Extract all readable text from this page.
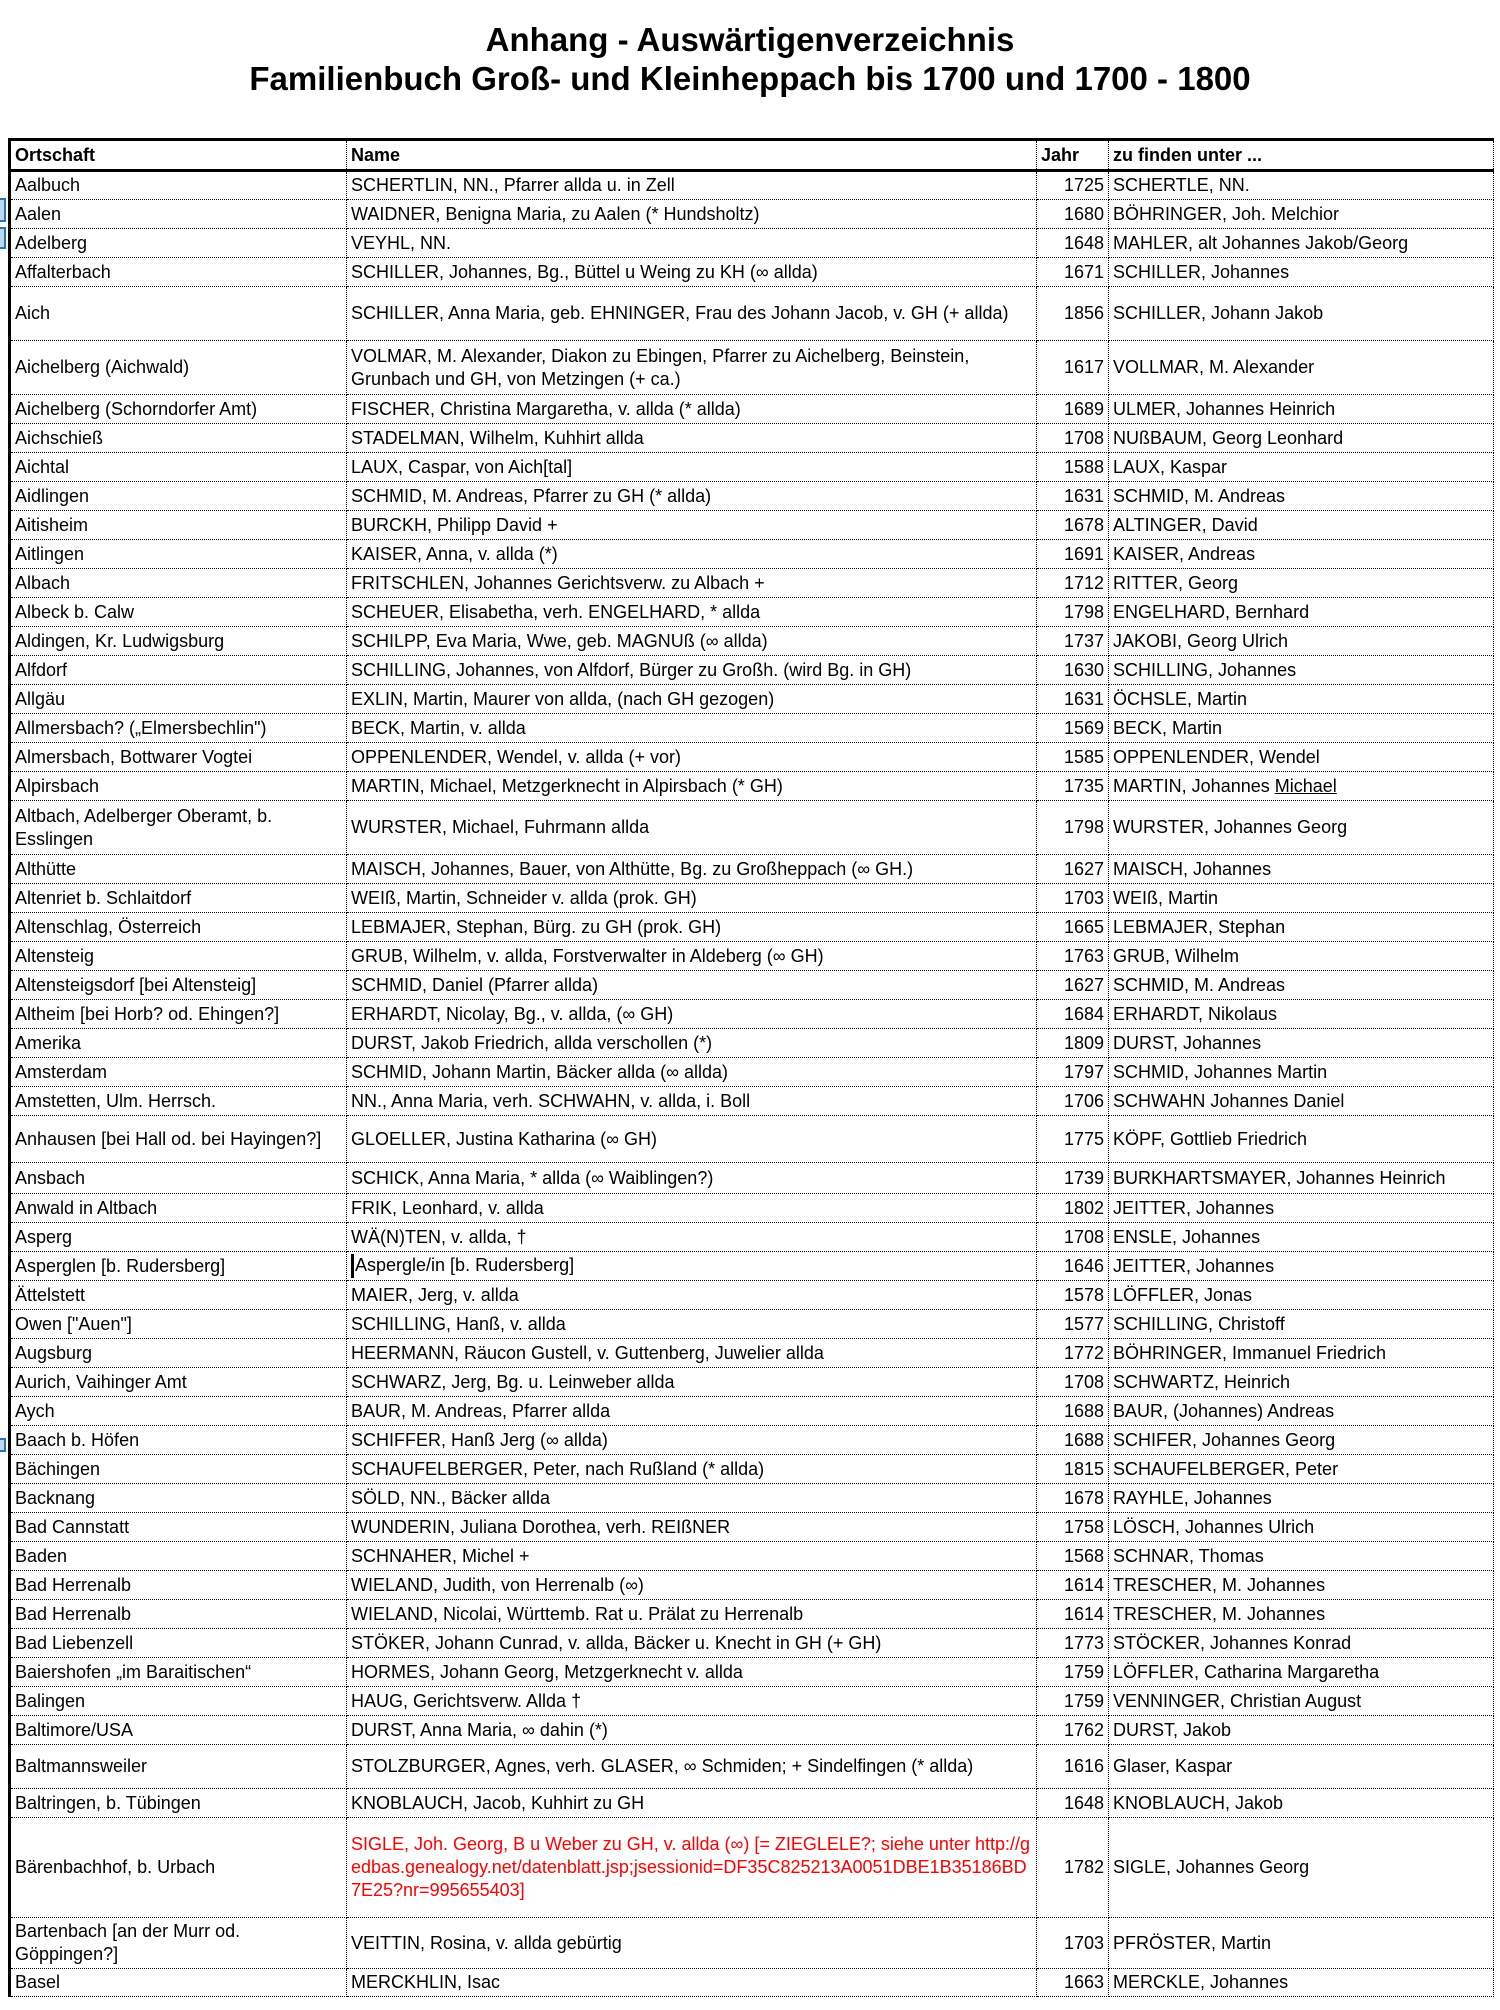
Anhang - Auswärtigenverzeichnis
Familienbuch Groß- und Kleinheppach bis 1700 und 1700 - 1800
Ortschaft	Name	Jahr	zu finden unter ...
Aalbuch	SCHERTLIN, NN., Pfarrer allda u. in Zell	1725	SCHERTLE, NN.
Aalen	WAIDNER, Benigna Maria, zu Aalen (* Hundsholtz)	1680	BÖHRINGER, Joh. Melchior
Adelberg	VEYHL, NN.	1648	MAHLER, alt Johannes Jakob/Georg
Affalterbach	SCHILLER, Johannes, Bg., Büttel u Weing zu KH (∞ allda)	1671	SCHILLER, Johannes
Aich	SCHILLER, Anna Maria, geb. EHNINGER, Frau des Johann Jacob, v. GH (+ allda)	1856	SCHILLER, Johann Jakob
Aichelberg (Aichwald)	VOLMAR, M. Alexander, Diakon zu Ebingen, Pfarrer zu Aichelberg, Beinstein, Grunbach und GH, von Metzingen (+ ca.)	1617	VOLLMAR, M. Alexander
Aichelberg (Schorndorfer Amt)	FISCHER, Christina Margaretha, v. allda (* allda)	1689	ULMER, Johannes Heinrich
Aichschieß	STADELMAN, Wilhelm, Kuhhirt allda	1708	NUßBAUM, Georg Leonhard
Aichtal	LAUX, Caspar, von Aich[tal]	1588	LAUX, Kaspar
Aidlingen	SCHMID, M. Andreas, Pfarrer zu GH (* allda)	1631	SCHMID, M. Andreas
Aitisheim	BURCKH, Philipp David +	1678	ALTINGER, David
Aitlingen	KAISER, Anna, v. allda (*)	1691	KAISER, Andreas
Albach	FRITSCHLEN, Johannes Gerichtsverw. zu Albach +	1712	RITTER, Georg
Albeck b. Calw	SCHEUER, Elisabetha, verh. ENGELHARD, * allda	1798	ENGELHARD, Bernhard
Aldingen, Kr. Ludwigsburg	SCHILPP, Eva Maria, Wwe, geb. MAGNUß (∞ allda)	1737	JAKOBI, Georg Ulrich
Alfdorf	SCHILLING, Johannes, von Alfdorf, Bürger zu Großh. (wird Bg. in GH)	1630	SCHILLING, Johannes
Allgäu	EXLIN, Martin, Maurer von allda, (nach GH gezogen)	1631	ÖCHSLE, Martin
Allmersbach? („Elmersbechlin")	BECK, Martin, v. allda	1569	BECK, Martin
Almersbach, Bottwarer Vogtei	OPPENLENDER, Wendel, v. allda (+ vor)	1585	OPPENLENDER, Wendel
Alpirsbach	MARTIN, Michael, Metzgerknecht in Alpirsbach (* GH)	1735	MARTIN, Johannes Michael
Altbach, Adelberger Oberamt, b. Esslingen	WURSTER, Michael, Fuhrmann allda	1798	WURSTER, Johannes Georg
Althütte	MAISCH, Johannes, Bauer, von Althütte, Bg. zu Großheppach (∞ GH.)	1627	MAISCH, Johannes
Altenriet b. Schlaitdorf	WEIß, Martin, Schneider v. allda (prok. GH)	1703	WEIß, Martin
Altenschlag, Österreich	LEBMAJER, Stephan, Bürg. zu GH (prok. GH)	1665	LEBMAJER, Stephan
Altensteig	GRUB, Wilhelm, v. allda, Forstverwalter in Aldeberg (∞ GH)	1763	GRUB, Wilhelm
Altensteigsdorf [bei Altensteig]	SCHMID, Daniel (Pfarrer allda)	1627	SCHMID, M. Andreas
Altheim [bei Horb? od. Ehingen?]	ERHARDT, Nicolay, Bg., v. allda, (∞ GH)	1684	ERHARDT, Nikolaus
Amerika	DURST, Jakob Friedrich, allda verschollen (*)	1809	DURST, Johannes
Amsterdam	SCHMID, Johann Martin, Bäcker allda (∞ allda)	1797	SCHMID, Johannes Martin
Amstetten, Ulm. Herrsch.	NN., Anna Maria, verh. SCHWAHN, v. allda, i. Boll	1706	SCHWAHN Johannes Daniel
Anhausen [bei Hall od. bei Hayingen?]	GLOELLER, Justina Katharina (∞ GH)	1775	KÖPF, Gottlieb Friedrich
Ansbach	SCHICK, Anna Maria, * allda (∞ Waiblingen?)	1739	BURKHARTSMAYER, Johannes Heinrich
Anwald in Altbach	FRIK, Leonhard, v. allda	1802	JEITTER, Johannes
Asperg	WÄ(N)TEN, v. allda, †	1708	ENSLE, Johannes
Asperglen [b. Rudersberg]	Aspergle/in [b. Rudersberg]	1646	JEITTER, Johannes
Ättelstett	MAIER, Jerg, v. allda	1578	LÖFFLER, Jonas
Owen ["Auen"]	SCHILLING, Hanß, v. allda	1577	SCHILLING, Christoff
Augsburg	HEERMANN, Räucon Gustell, v. Guttenberg, Juwelier allda	1772	BÖHRINGER, Immanuel Friedrich
Aurich, Vaihinger Amt	SCHWARZ, Jerg, Bg. u. Leinweber allda	1708	SCHWARTZ, Heinrich
Aych	BAUR, M. Andreas, Pfarrer allda	1688	BAUR, (Johannes) Andreas
Baach b. Höfen	SCHIFFER, Hanß Jerg (∞ allda)	1688	SCHIFER, Johannes Georg
Bächingen	SCHAUFELBERGER, Peter, nach Rußland (* allda)	1815	SCHAUFELBERGER, Peter
Backnang	SÖLD, NN., Bäcker allda	1678	RAYHLE, Johannes
Bad Cannstatt	WUNDERIN, Juliana Dorothea, verh. REIßNER	1758	LÖSCH, Johannes Ulrich
Baden	SCHNAHER, Michel +	1568	SCHNAR, Thomas
Bad Herrenalb	WIELAND, Judith, von Herrenalb (∞)	1614	TRESCHER, M. Johannes
Bad Herrenalb	WIELAND, Nicolai, Württemb. Rat u. Prälat zu Herrenalb	1614	TRESCHER, M. Johannes
Bad Liebenzell	STÖKER, Johann Cunrad, v. allda, Bäcker u. Knecht in GH (+ GH)	1773	STÖCKER, Johannes Konrad
Baiershofen „im Baraitischen“	HORMES, Johann Georg, Metzgerknecht v. allda	1759	LÖFFLER, Catharina Margaretha
Balingen	HAUG, Gerichtsverw. Allda †	1759	VENNINGER, Christian August
Baltimore/USA	DURST, Anna Maria, ∞ dahin (*)	1762	DURST, Jakob
Baltmannsweiler	STOLZBURGER, Agnes, verh. GLASER, ∞ Schmiden; + Sindelfingen (* allda)	1616	Glaser, Kaspar
Baltringen, b. Tübingen	KNOBLAUCH, Jacob, Kuhhirt zu GH	1648	KNOBLAUCH, Jakob
Bärenbachhof, b. Urbach	SIGLE, Joh. Georg, B u Weber zu GH, v. allda (∞) [= ZIEGLELE?; siehe unter http://gedbas.genealogy.net/datenblatt.jsp;jsessionid=DF35C825213A0051DBE1B35186BD7E25?nr=995655403]	1782	SIGLE, Johannes Georg
Bartenbach [an der Murr od. Göppingen?]	VEITTIN, Rosina, v. allda gebürtig	1703	PFRÖSTER, Martin
Basel	MERCKHLIN, Isac	1663	MERCKLE, Johannes
